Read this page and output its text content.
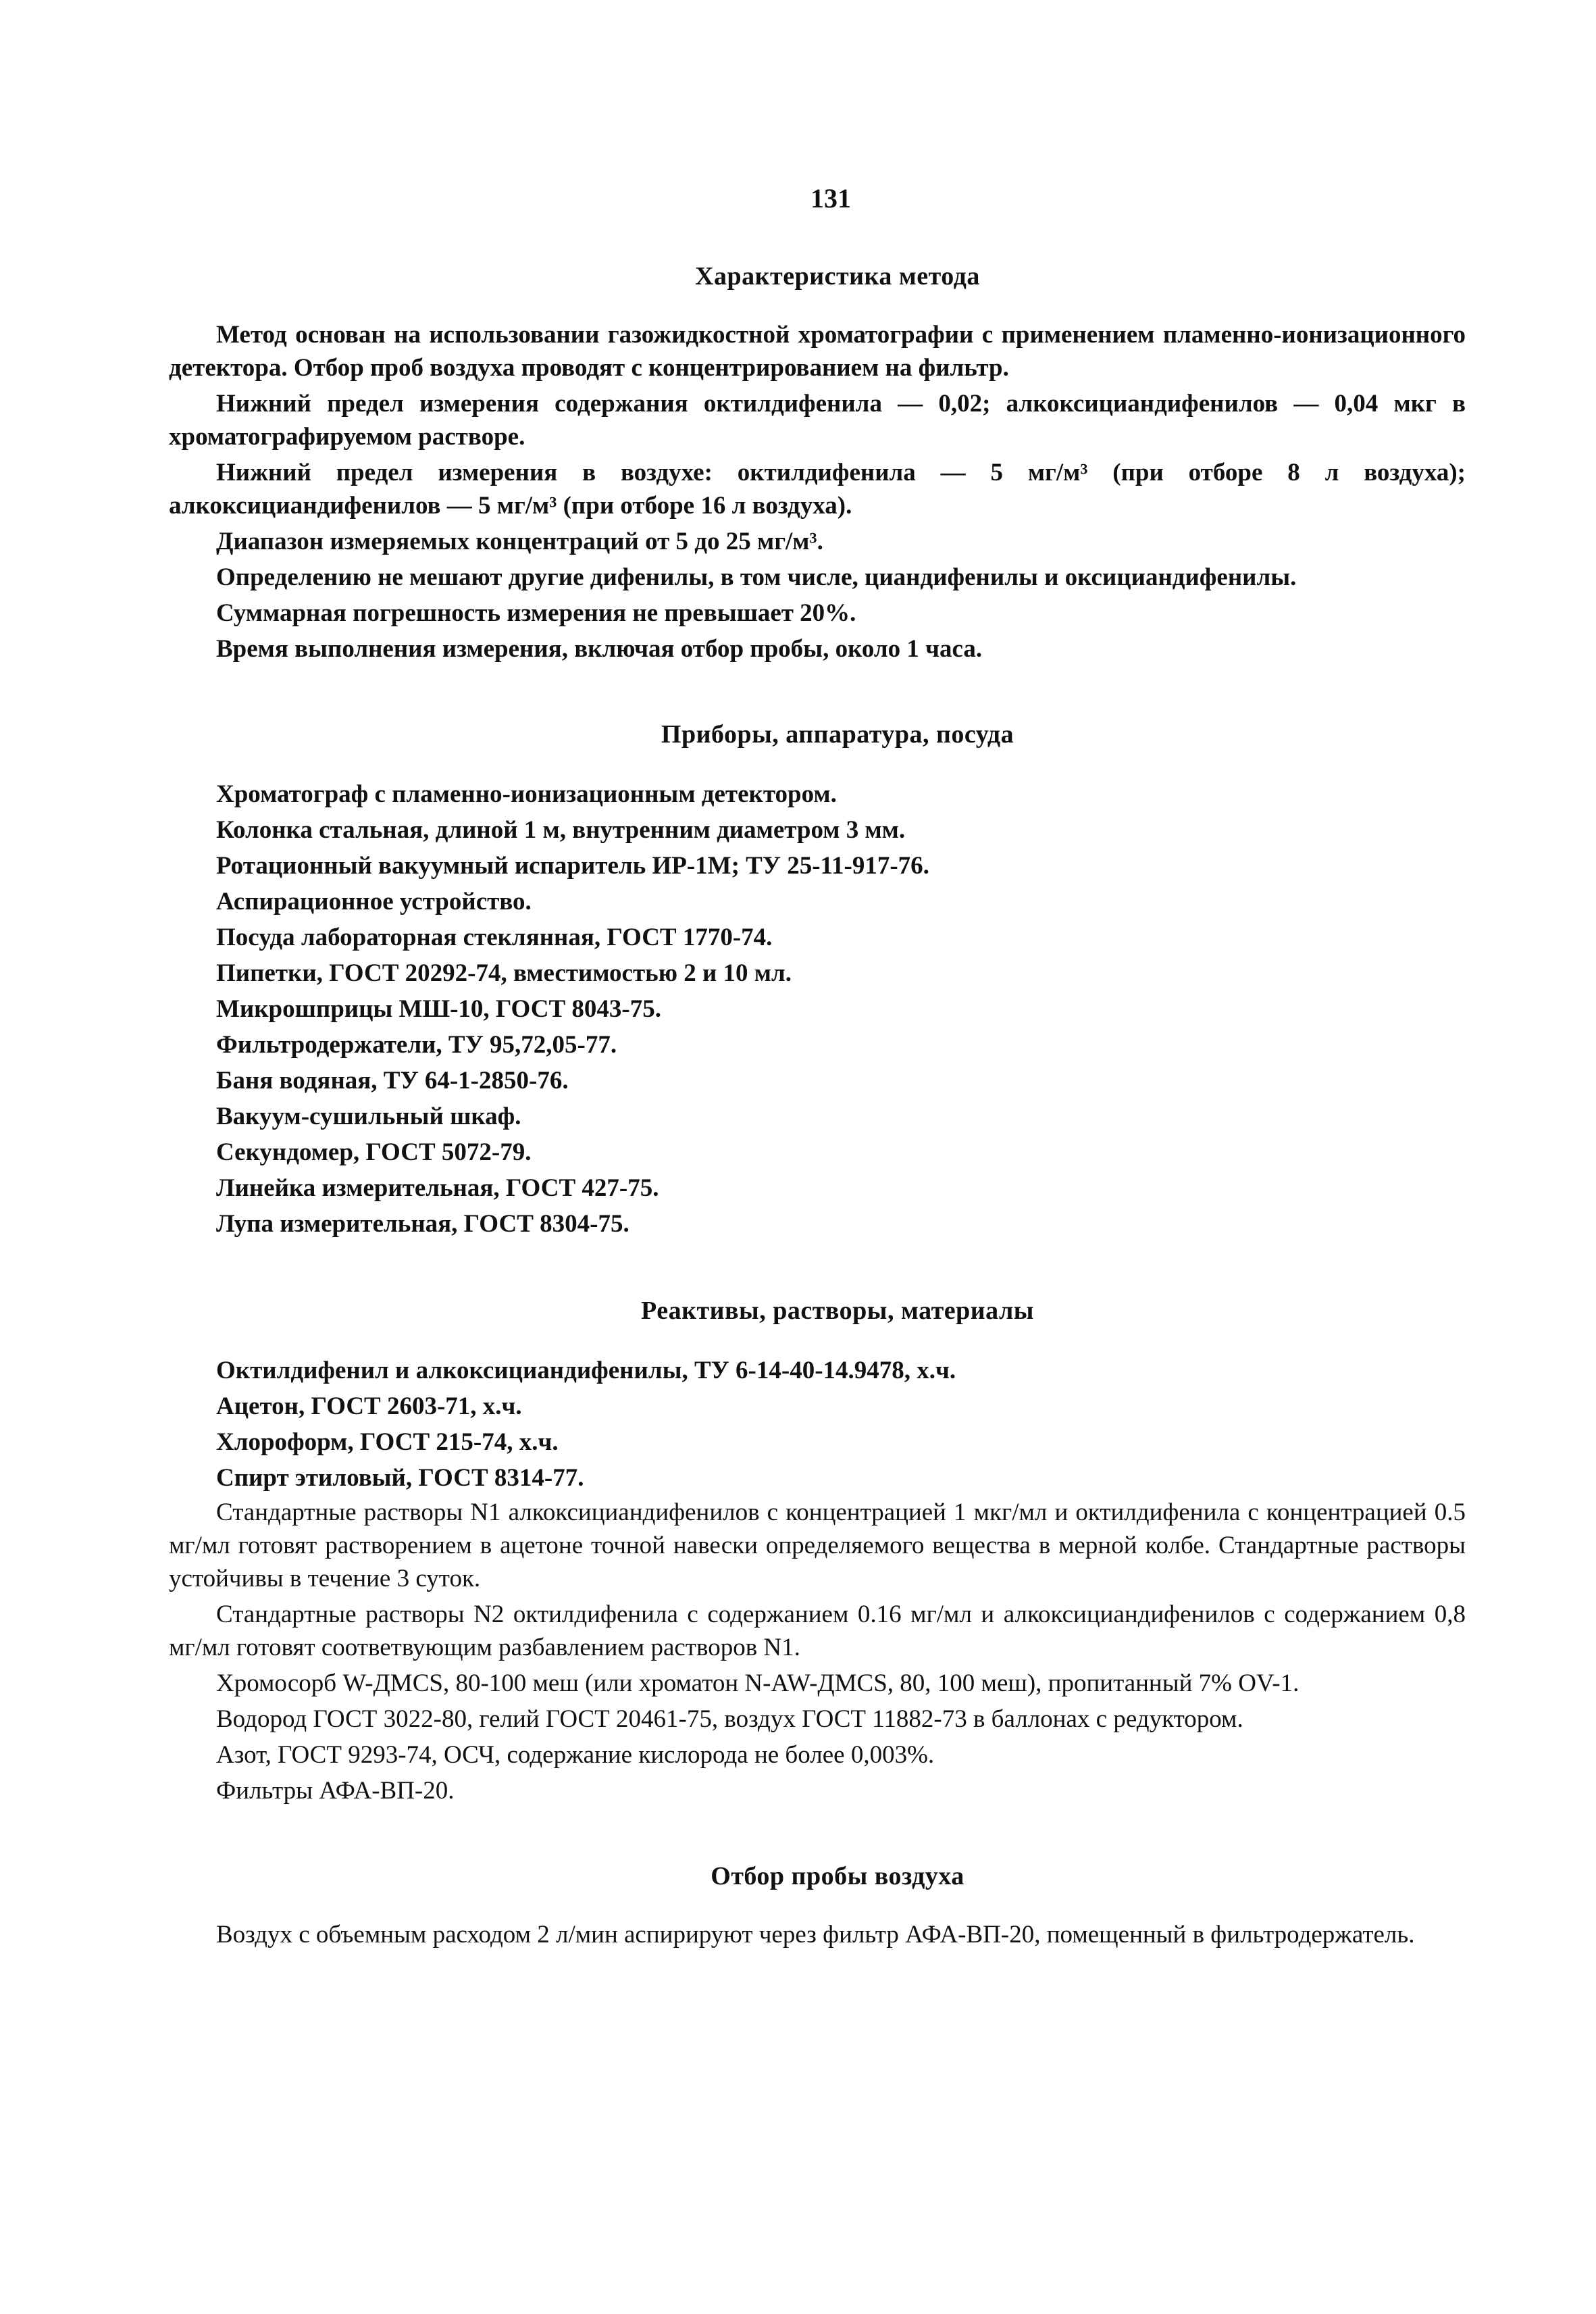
131
Характеристика метода

Метод основан на использовании газожидкостной хроматографии с применением пламенно-ионизационного детектора. Отбор проб воздуха проводят с концентрированием на фильтр.

Нижний предел измерения содержания октилдифенила — 0,02; алкоксициандифенилов — 0,04 мкг в хроматографируемом растворе.

Нижний предел измерения в воздухе: октилдифенила — 5 мг/м³ (при отборе 8 л воздуха); алкоксициандифенилов — 5 мг/м³ (при отборе 16 л воздуха).

Диапазон измеряемых концентраций от 5 до 25 мг/м³.

Определению не мешают другие дифенилы, в том числе, циандифенилы и оксициандифенилы.

Суммарная погрешность измерения не превышает 20%.

Время выполнения измерения, включая отбор пробы, около 1 часа.

Приборы, аппаратура, посуда

Хроматограф с пламенно-ионизационным детектором.

Колонка стальная, длиной 1 м, внутренним диаметром 3 мм.

Ротационный вакуумный испаритель ИР-1М; ТУ 25-11-917-76.

Аспирационное устройство.

Посуда лабораторная стеклянная, ГОСТ 1770-74.

Пипетки, ГОСТ 20292-74, вместимостью 2 и 10 мл.

Микрошприцы МШ-10, ГОСТ 8043-75.

Фильтродержатели, ТУ 95,72,05-77.

Баня водяная, ТУ 64-1-2850-76.

Вакуум-сушильный шкаф.

Секундомер, ГОСТ 5072-79.

Линейка измерительная, ГОСТ 427-75.

Лупа измерительная, ГОСТ 8304-75.

Реактивы, растворы, материалы

Октилдифенил и алкоксициандифенилы, ТУ 6-14-40-14.9478, х.ч.

Ацетон, ГОСТ 2603-71, х.ч.

Хлороформ, ГОСТ 215-74, х.ч.

Спирт этиловый, ГОСТ 8314-77.

Стандартные растворы N1 алкоксициандифенилов с концентрацией 1 мкг/мл и октилдифенила с концентрацией 0.5 мг/мл готовят растворением в ацетоне точной навески определяемого вещества в мерной колбе. Стандартные растворы устойчивы в течение 3 суток.

Стандартные растворы N2 октилдифенила с содержанием 0.16 мг/мл и алкоксициандифенилов с содержанием 0,8 мг/мл готовят соответвующим разбавлением растворов N1.

Хромосорб W-ДМCS, 80-100 меш (или хроматон N-AW-ДМCS, 80, 100 меш), пропитанный 7% OV-1.

Водород ГОСТ 3022-80, гелий ГОСТ 20461-75, воздух ГОСТ 11882-73 в баллонах с редуктором.

Азот, ГОСТ 9293-74, ОСЧ, содержание кислорода не более 0,003%.

Фильтры АФА-ВП-20.

Отбор пробы воздуха

Воздух с объемным расходом 2 л/мин аспирируют через фильтр АФА-ВП-20, помещенный в фильтродержатель.
